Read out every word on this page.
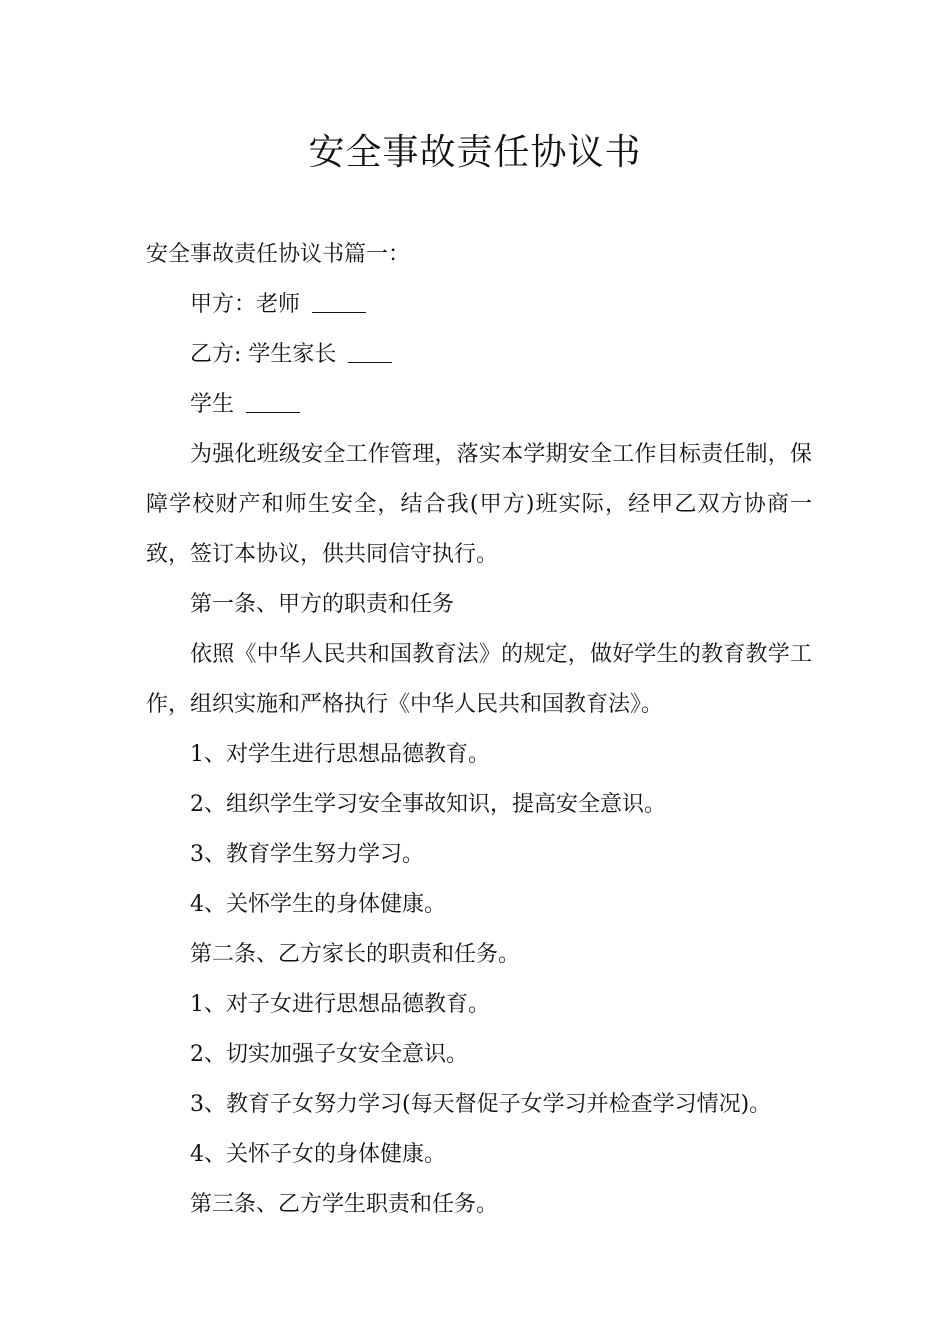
安全事故责任协议书

安全事故责任协议书篇一：

甲方：老师

乙方: 学生家长

学生

为强化班级安全工作管理，落实本学期安全工作目标责任制，保障学校财产和师生安全，结合我(甲方)班实际，经甲乙双方协商一致，签订本协议，供共同信守执行。

第一条、甲方的职责和任务

依照《中华人民共和国教育法》的规定，做好学生的教育教学工作，组织实施和严格执行《中华人民共和国教育法》。

1、对学生进行思想品德教育。

2、组织学生学习安全事故知识，提高安全意识。

3、教育学生努力学习。

4、关怀学生的身体健康。

第二条、乙方家长的职责和任务。

1、对子女进行思想品德教育。

2、切实加强子女安全意识。

3、教育子女努力学习(每天督促子女学习并检查学习情况)。

4、关怀子女的身体健康。

第三条、乙方学生职责和任务。
